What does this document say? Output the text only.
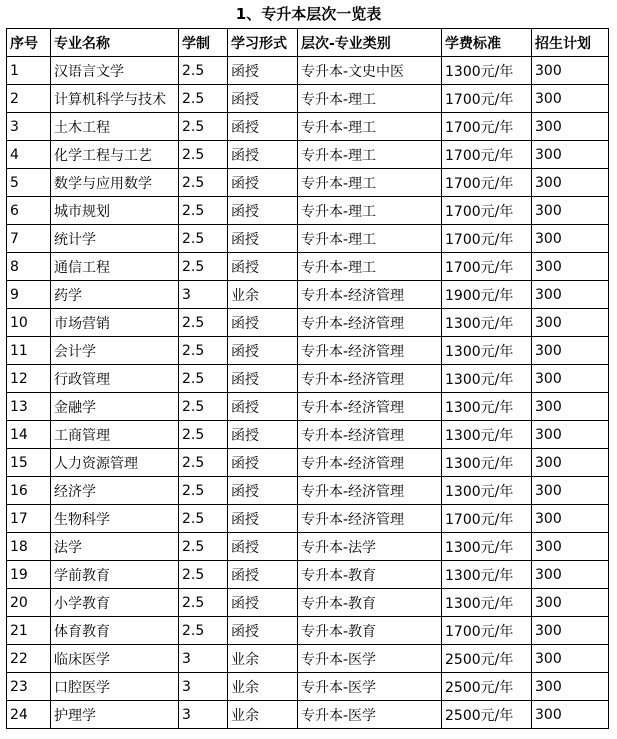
1、专升本层次一览表
序号	专业名称	学制	学习形式	层次-专业类别	学费标准	招生计划
1	汉语言文学	2.5	函授	专升本-文史中医	1300元/年	300
2	计算机科学与技术	2.5	函授	专升本-理工	1700元/年	300
3	土木工程	2.5	函授	专升本-理工	1700元/年	300
4	化学工程与工艺	2.5	函授	专升本-理工	1700元/年	300
5	数学与应用数学	2.5	函授	专升本-理工	1700元/年	300
6	城市规划	2.5	函授	专升本-理工	1700元/年	300
7	统计学	2.5	函授	专升本-理工	1700元/年	300
8	通信工程	2.5	函授	专升本-理工	1700元/年	300
9	药学	3	业余	专升本-经济管理	1900元/年	300
10	市场营销	2.5	函授	专升本-经济管理	1300元/年	300
11	会计学	2.5	函授	专升本-经济管理	1300元/年	300
12	行政管理	2.5	函授	专升本-经济管理	1300元/年	300
13	金融学	2.5	函授	专升本-经济管理	1300元/年	300
14	工商管理	2.5	函授	专升本-经济管理	1300元/年	300
15	人力资源管理	2.5	函授	专升本-经济管理	1300元/年	300
16	经济学	2.5	函授	专升本-经济管理	1300元/年	300
17	生物科学	2.5	函授	专升本-经济管理	1700元/年	300
18	法学	2.5	函授	专升本-法学	1300元/年	300
19	学前教育	2.5	函授	专升本-教育	1300元/年	300
20	小学教育	2.5	函授	专升本-教育	1300元/年	300
21	体育教育	2.5	函授	专升本-教育	1700元/年	300
22	临床医学	3	业余	专升本-医学	2500元/年	300
23	口腔医学	3	业余	专升本-医学	2500元/年	300
24	护理学	3	业余	专升本-医学	2500元/年	300
